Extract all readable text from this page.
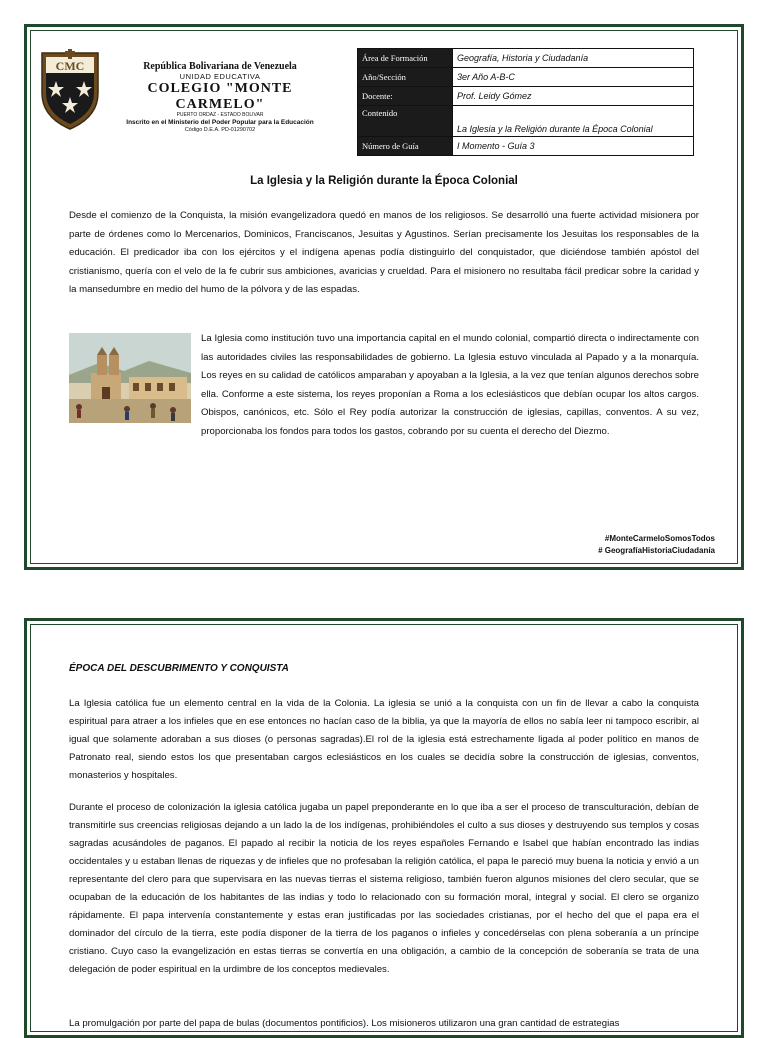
CMC	República Bolivariana de Venezuela
UNIDAD EDUCATIVA
COLEGIO "MONTE CARMELO"
PUERTO ORDAZ - ESTADO BOLIVAR
Inscrito en el Ministerio del Poder Popular para la Educación
Código D.E.A. PD-01290702
Área de Formación	Geografía, Historia y Ciudadanía
Año/Sección	3er Año A-B-C
Docente:	Prof. Leidy Gómez
Contenido	La Iglesia y la Religión durante la Época Colonial
Número de Guía	I Momento - Guía 3
La Iglesia y la Religión durante la Época Colonial
Desde el comienzo de la Conquista, la misión evangelizadora quedó en manos de los religiosos. Se desarrolló una fuerte actividad misionera por parte de órdenes como lo Mercenarios, Dominicos, Franciscanos, Jesuitas y Agustinos. Serían precisamente los Jesuitas los responsables de la educación. El predicador iba con los ejércitos y el indígena apenas podía distinguirlo del conquistador, que diciéndose también apóstol del cristianismo, quería con el velo de la fe cubrir sus ambiciones, avaricias y crueldad. Para el misionero no resultaba fácil predicar sobre la caridad y la mansedumbre en medio del humo de la pólvora y de las espadas.
La Iglesia como institución tuvo una importancia capital en el mundo colonial, compartió directa o indirectamente con las autoridades civiles las responsabilidades de gobierno. La Iglesia estuvo vinculada al Papado y a la monarquía. Los reyes en su calidad de católicos amparaban y apoyaban a la Iglesia, a la vez que tenían algunos derechos sobre ella. Conforme a este sistema, los reyes proponían a Roma a los eclesiásticos que debían ocupar los altos cargos. Obispos, canónicos, etc. Sólo el Rey podía autorizar la construcción de iglesias, capillas, conventos. A su vez, proporcionaba los fondos para todos los gastos, cobrando por su cuenta el derecho del Diezmo.
#MonteCarmeloSomosTodos
# GeografíaHistoriaCiudadanía
ÉPOCA DEL DESCUBRIMENTO Y CONQUISTA
La Iglesia católica fue un elemento central en la vida de la Colonia. La iglesia se unió a la conquista con un fin de llevar a cabo la conquista espiritual para atraer a los infieles que en ese entonces no hacían caso de la biblia, ya que la mayoría de ellos no sabía leer ni tampoco escribir, al igual que solamente adoraban a sus dioses (o personas sagradas).El rol de la iglesia está estrechamente ligada al poder político en manos de Patronato real, siendo estos los que presentaban cargos eclesiásticos en los cuales se decidía sobre la construcción de iglesias, conventos, monasterios y hospitales.
Durante el proceso de colonización la iglesia católica jugaba un papel preponderante en lo que iba a ser el proceso de transculturación, debían de transmitirle sus creencias religiosas dejando a un lado la de los indígenas, prohibiéndoles el culto a sus dioses y destruyendo sus templos y cosas sagradas acusándoles de paganos. El papado al recibir la noticia de los reyes españoles Fernando e Isabel que habían encontrado las indias occidentales y u estaban llenas de riquezas y de infieles que no profesaban la religión católica, el papa le pareció muy buena la noticia y envió a un representante del clero para que supervisara en las nuevas tierras el sistema religioso, también fueron algunos misiones del clero secular, que se ocupaban de la educación de los habitantes de las indias y todo lo relacionado con su formación moral, integral y social. El clero se organizo rápidamente. El papa intervenía constantemente y estas eran justificadas por las sociedades cristianas, por el hecho del que el papa era el dominador del círculo de la tierra, este podía disponer de la tierra de los paganos o infieles y concedérselas con plena soberanía a un príncipe cristiano. Cuyo caso la evangelización en estas tierras se convertía en una obligación, a cambio de la concepción de soberanía se trata de una delegación de poder espiritual en la urdimbre de los conceptos medievales.
La promulgación por parte del papa de bulas (documentos pontificios). Los misioneros utilizaron una gran cantidad de estrategias
